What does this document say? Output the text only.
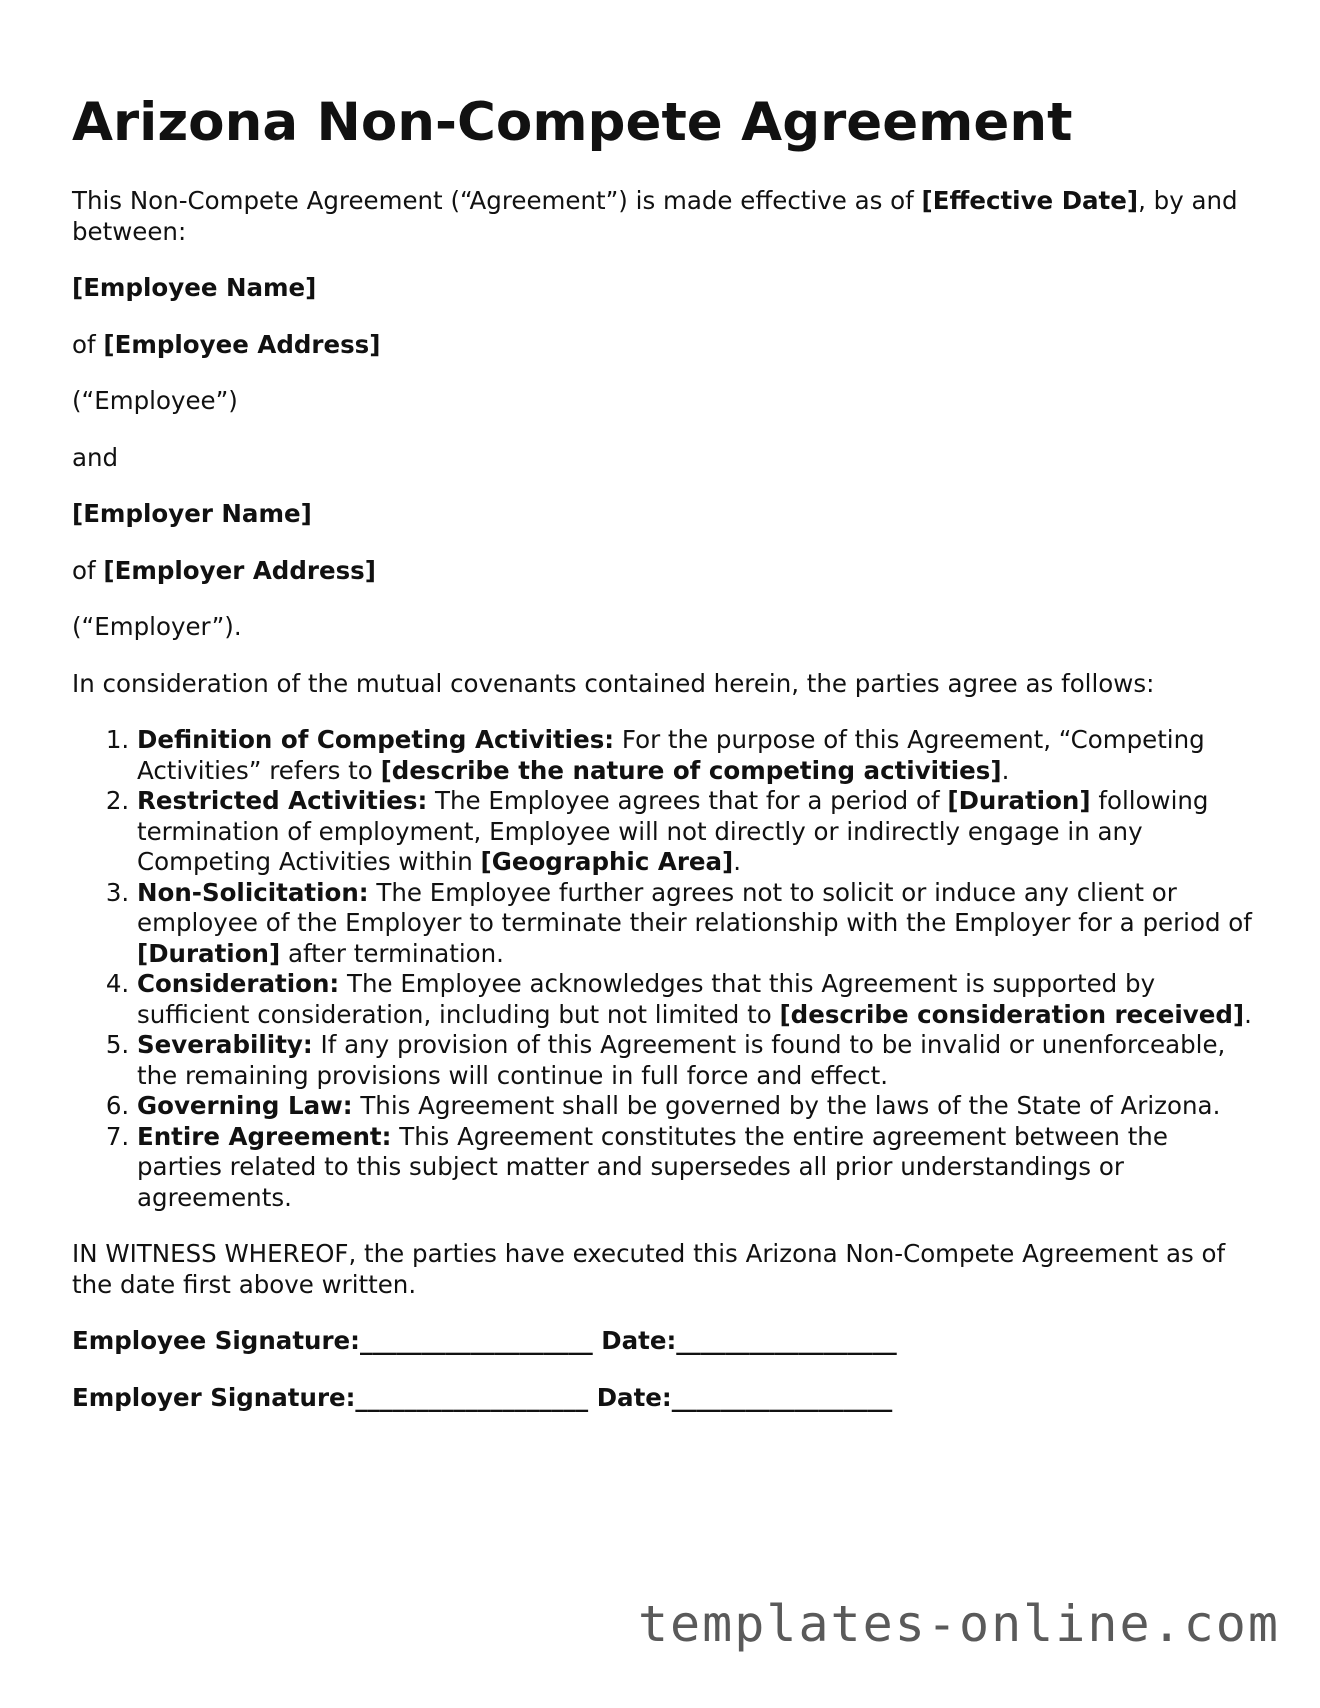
Arizona Non-Compete Agreement

This Non-Compete Agreement (“Agreement”) is made effective as of [Effective Date], by and between:

[Employee Name]

of [Employee Address]

(“Employee”)

and

[Employer Name]

of [Employer Address]

(“Employer”).

In consideration of the mutual covenants contained herein, the parties agree as follows:

1. Definition of Competing Activities: For the purpose of this Agreement, “Competing Activities” refers to [describe the nature of competing activities].
2. Restricted Activities: The Employee agrees that for a period of [Duration] following termination of employment, Employee will not directly or indirectly engage in any Competing Activities within [Geographic Area].
3. Non-Solicitation: The Employee further agrees not to solicit or induce any client or employee of the Employer to terminate their relationship with the Employer for a period of [Duration] after termination.
4. Consideration: The Employee acknowledges that this Agreement is supported by sufficient consideration, including but not limited to [describe consideration received].
5. Severability: If any provision of this Agreement is found to be invalid or unenforceable, the remaining provisions will continue in full force and effect.
6. Governing Law: This Agreement shall be governed by the laws of the State of Arizona.
7. Entire Agreement: This Agreement constitutes the entire agreement between the parties related to this subject matter and supersedes all prior understandings or agreements.

IN WITNESS WHEREOF, the parties have executed this Arizona Non-Compete Agreement as of the date first above written.

Employee Signature:___________________ Date:__________________

Employer Signature:___________________ Date:__________________

templates-online.com
